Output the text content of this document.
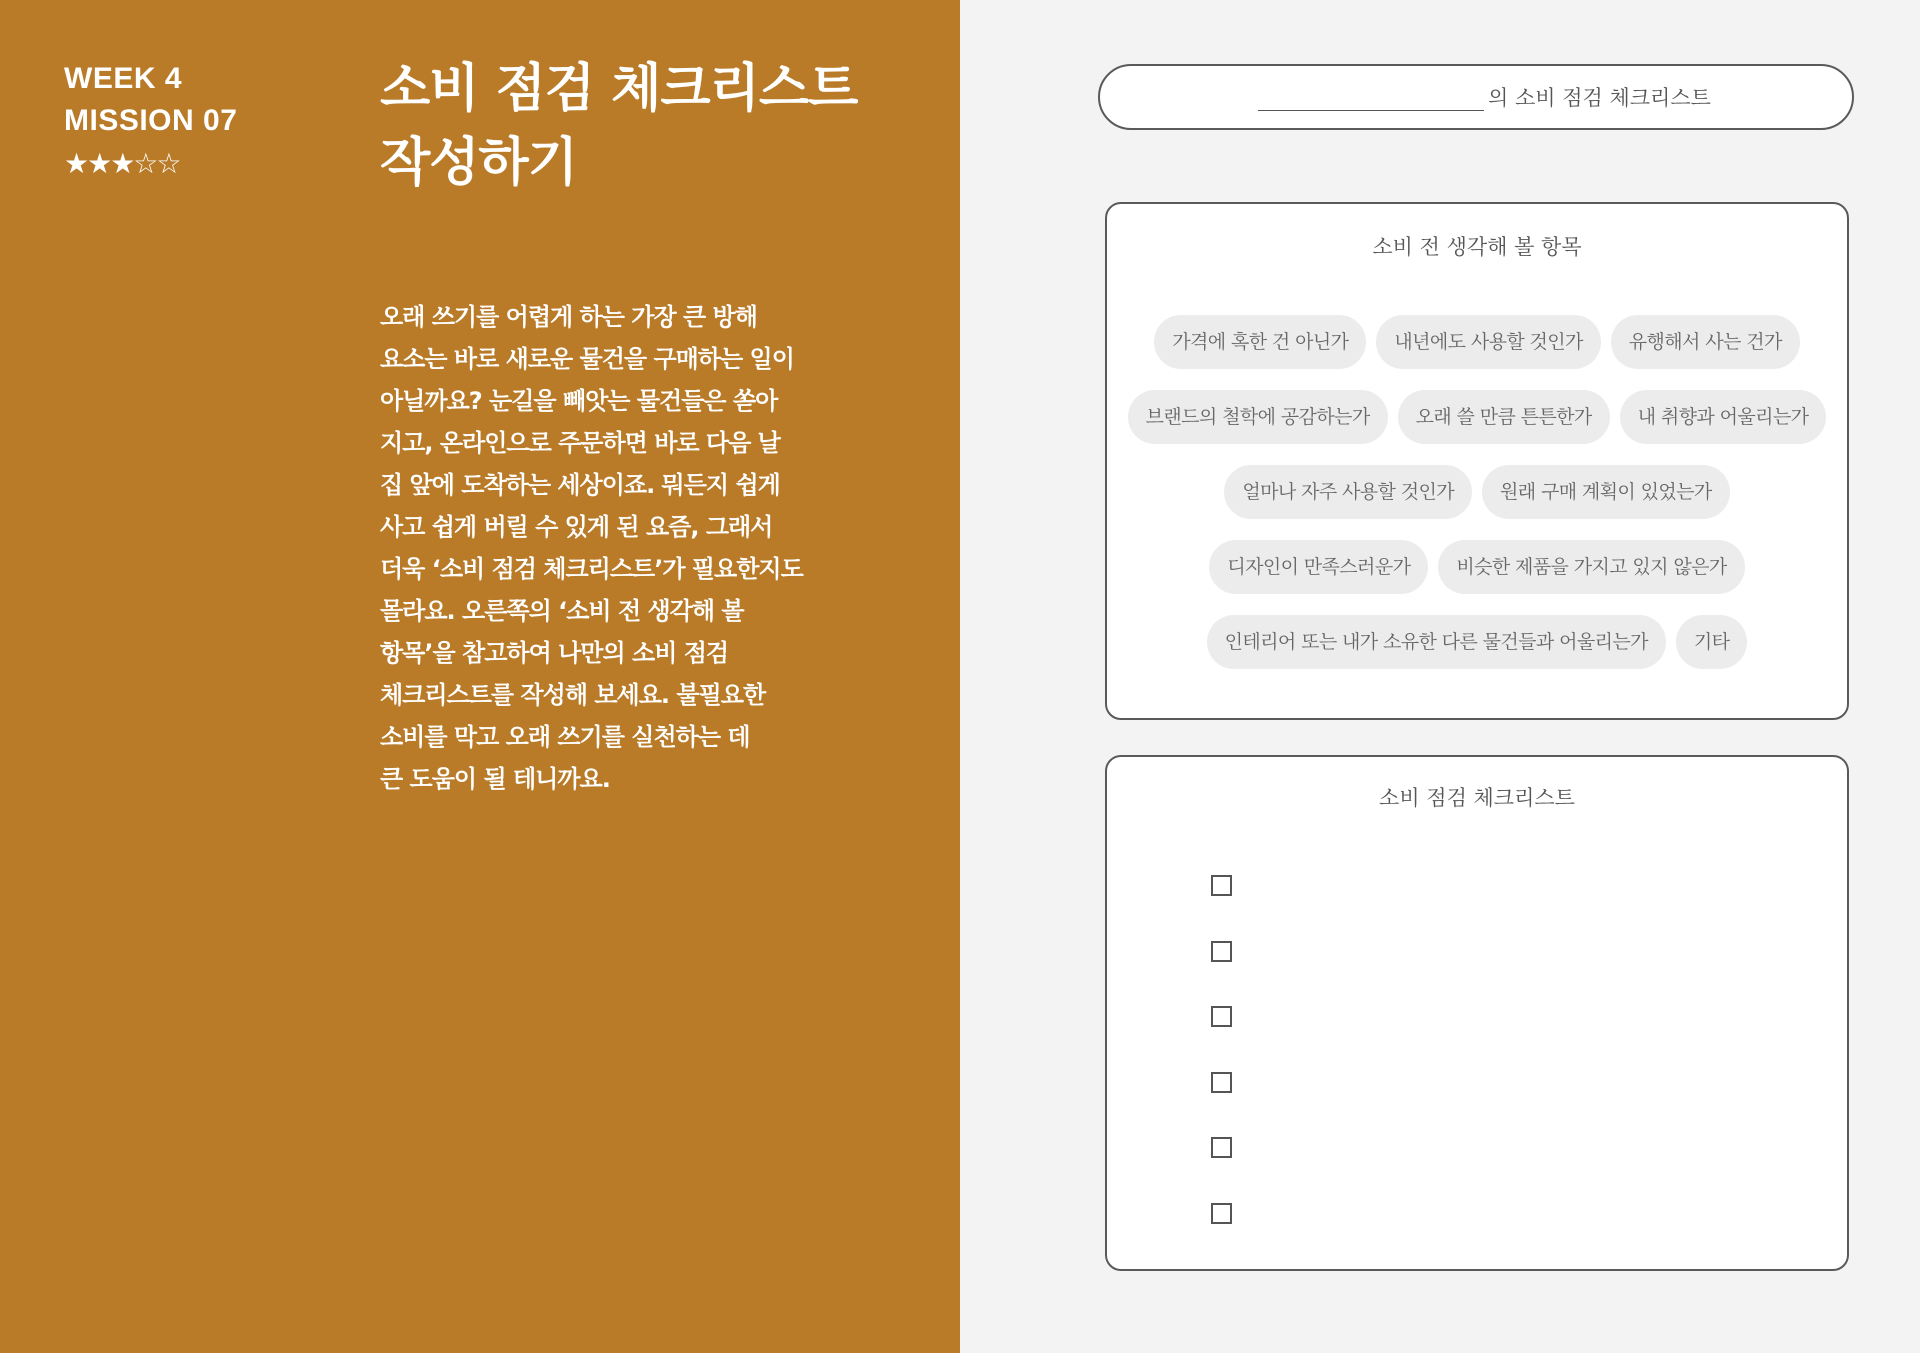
WEEK 4
MISSION 07
★★★☆☆
소비 점검 체크리스트
작성하기
오래 쓰기를 어렵게 하는 가장 큰 방해
요소는 바로 새로운 물건을 구매하는 일이
아닐까요? 눈길을 빼앗는 물건들은 쏟아
지고, 온라인으로 주문하면 바로 다음 날
집 앞에 도착하는 세상이죠. 뭐든지 쉽게
사고 쉽게 버릴 수 있게 된 요즘, 그래서
더욱 ‘소비 점검 체크리스트’가 필요한지도
몰라요. 오른쪽의 ‘소비 전 생각해 볼
항목’을 참고하여 나만의 소비 점검
체크리스트를 작성해 보세요. 불필요한
소비를 막고 오래 쓰기를 실천하는 데
큰 도움이 될 테니까요.
의 소비 점검 체크리스트
소비 전 생각해 볼 항목
가격에 혹한 건 아닌가	내년에도 사용할 것인가	유행해서 사는 건가
브랜드의 철학에 공감하는가	오래 쓸 만큼 튼튼한가	내 취향과 어울리는가
얼마나 자주 사용할 것인가	원래 구매 계획이 있었는가
디자인이 만족스러운가	비슷한 제품을 가지고 있지 않은가
인테리어 또는 내가 소유한 다른 물건들과 어울리는가	기타
소비 점검 체크리스트
